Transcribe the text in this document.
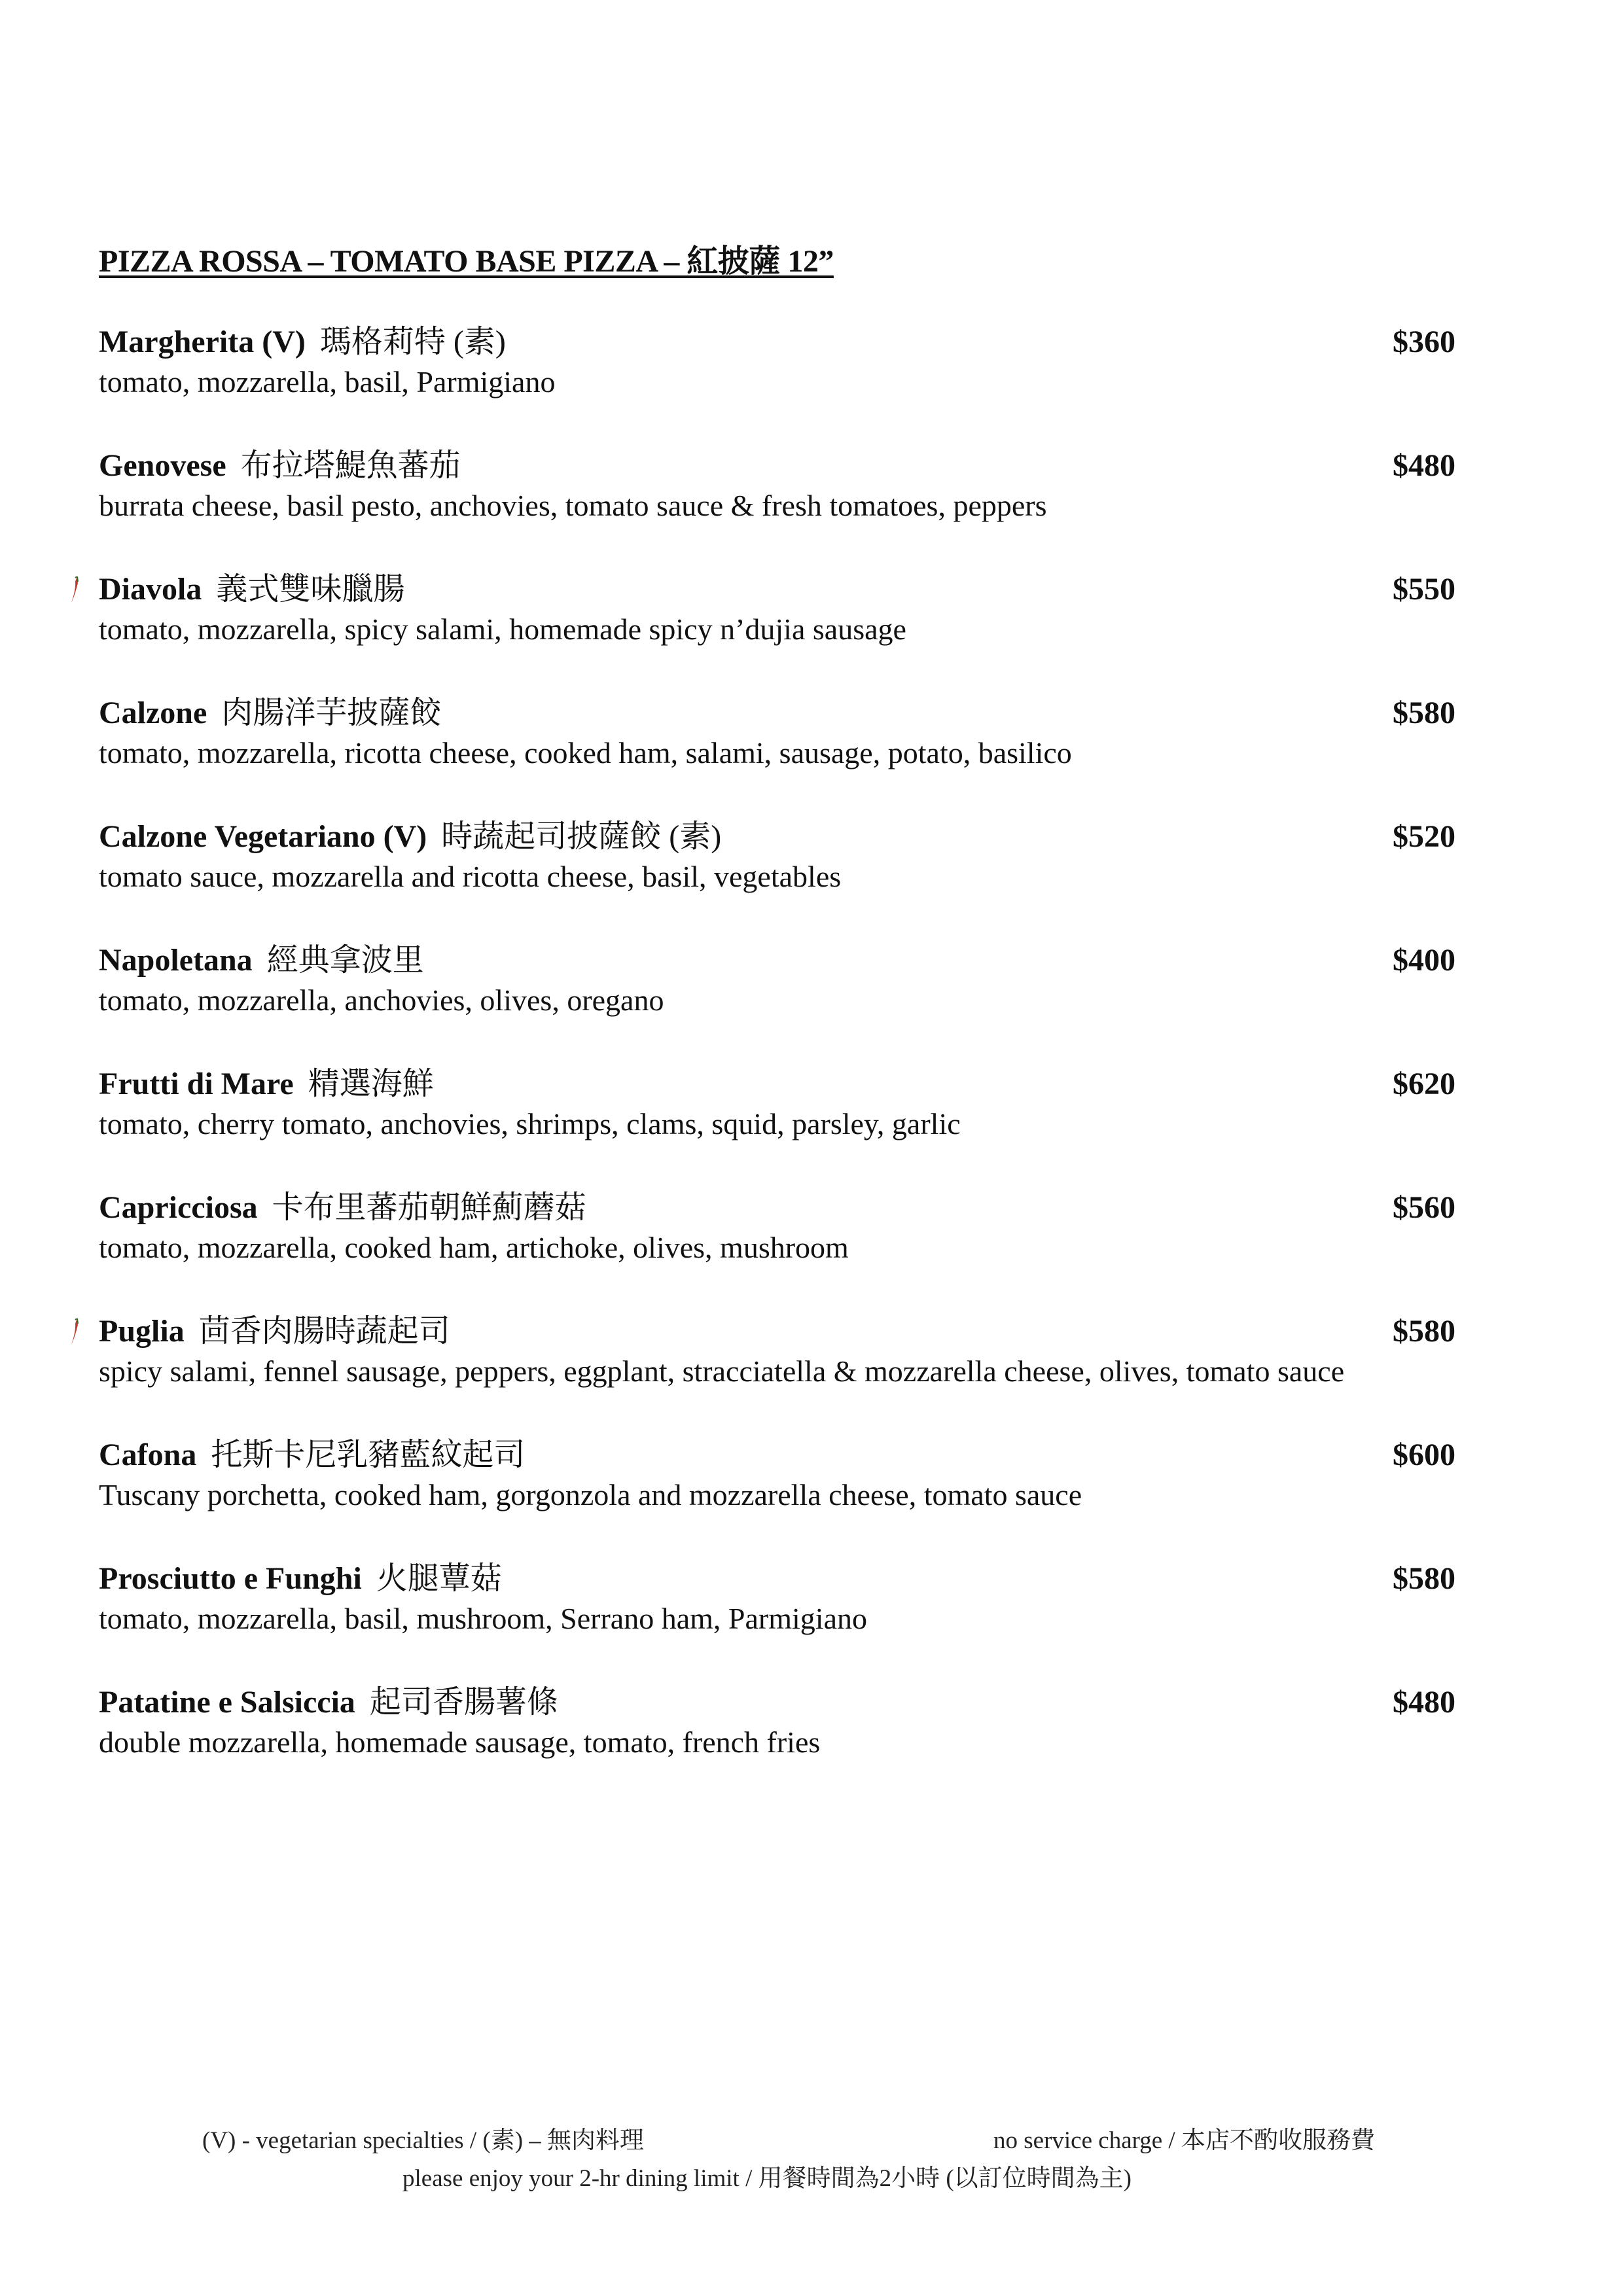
PIZZA ROSSA – TOMATO BASE PIZZA – 紅披薩 12”
Margherita (V) 瑪格莉特 (素)	$360
tomato, mozzarella, basil, Parmigiano
Genovese 布拉塔鯷魚蕃茄	$480
burrata cheese, basil pesto, anchovies, tomato sauce & fresh tomatoes, peppers
Diavola 義式雙味臘腸	$550
tomato, mozzarella, spicy salami, homemade spicy n’dujia sausage
Calzone 肉腸洋芋披薩餃	$580
tomato, mozzarella, ricotta cheese, cooked ham, salami, sausage, potato, basilico
Calzone Vegetariano (V) 時蔬起司披薩餃 (素)	$520
tomato sauce, mozzarella and ricotta cheese, basil, vegetables
Napoletana 經典拿波里	$400
tomato, mozzarella, anchovies, olives, oregano
Frutti di Mare 精選海鮮	$620
tomato, cherry tomato, anchovies, shrimps, clams, squid, parsley, garlic
Capricciosa 卡布里蕃茄朝鮮薊蘑菇	$560
tomato, mozzarella, cooked ham, artichoke, olives, mushroom
Puglia 茴香肉腸時蔬起司	$580
spicy salami, fennel sausage, peppers, eggplant, stracciatella & mozzarella cheese, olives, tomato sauce
Cafona 托斯卡尼乳豬藍紋起司	$600
Tuscany porchetta, cooked ham, gorgonzola and mozzarella cheese, tomato sauce
Prosciutto e Funghi 火腿蕈菇	$580
tomato, mozzarella, basil, mushroom, Serrano ham, Parmigiano
Patatine e Salsiccia 起司香腸薯條	$480
double mozzarella, homemade sausage, tomato, french fries
(V) - vegetarian specialties / (素) – 無肉料理	no service charge / 本店不酌收服務費
please enjoy your 2-hr dining limit / 用餐時間為2小時 (以訂位時間為主)
